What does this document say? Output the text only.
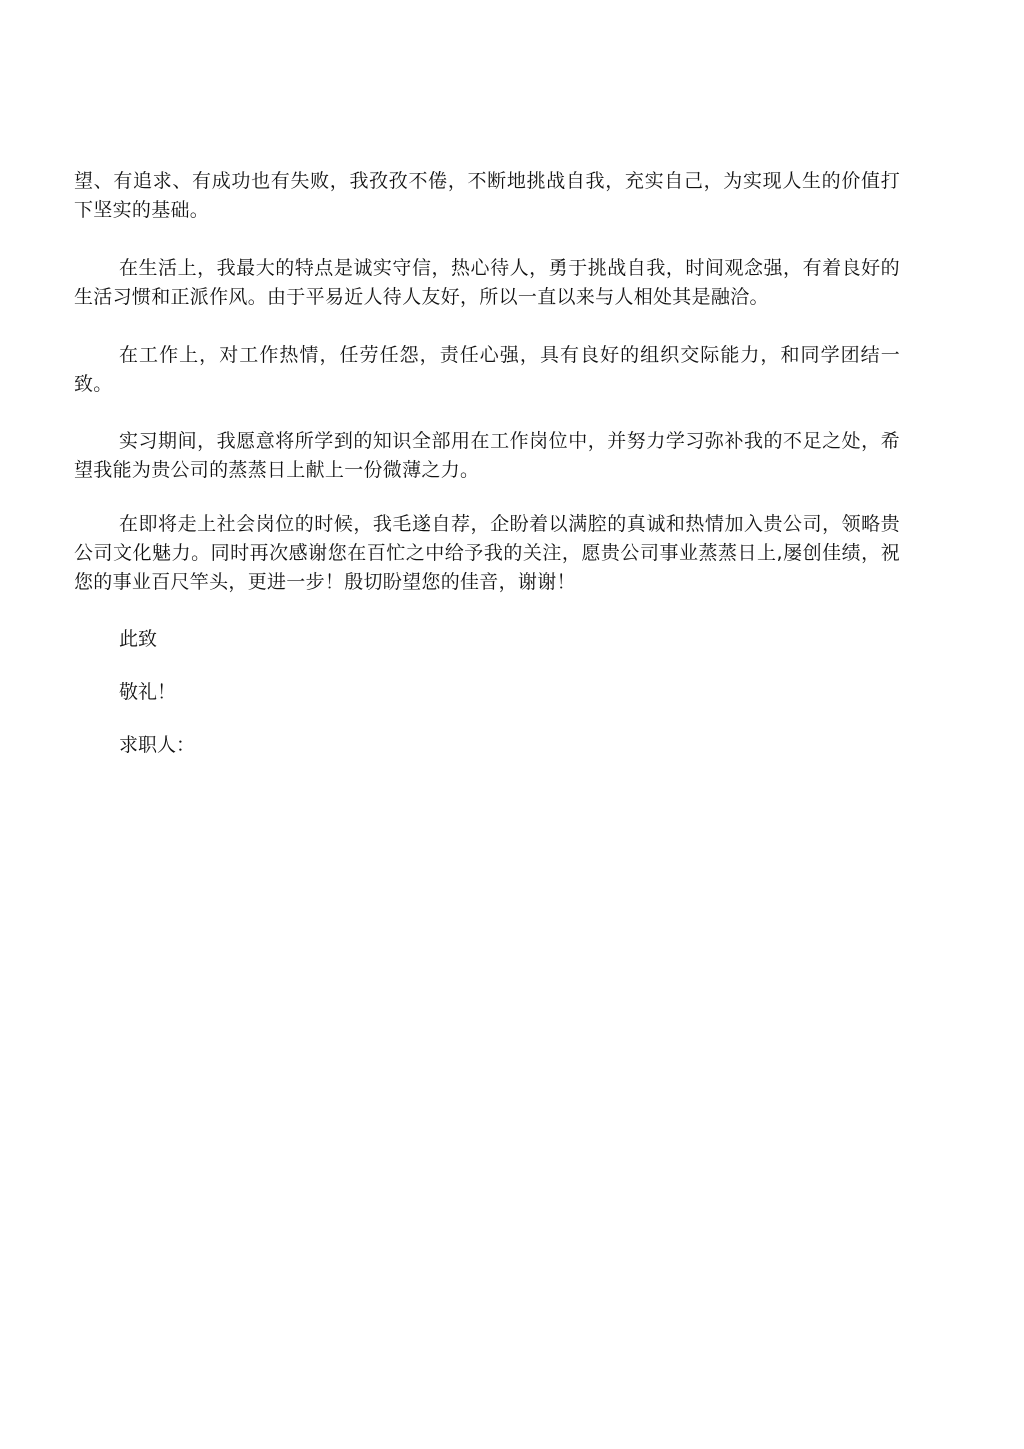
望、有追求、有成功也有失败，我孜孜不倦，不断地挑战自我，充实自己，为实现人生的价值打下坚实的基础。

在生活上，我最大的特点是诚实守信，热心待人，勇于挑战自我，时间观念强，有着良好的生活习惯和正派作风。由于平易近人待人友好，所以一直以来与人相处其是融洽。

在工作上，对工作热情，任劳任怨，责任心强，具有良好的组织交际能力，和同学团结一致。

实习期间，我愿意将所学到的知识全部用在工作岗位中，并努力学习弥补我的不足之处，希望我能为贵公司的蒸蒸日上献上一份微薄之力。

在即将走上社会岗位的时候，我毛遂自荐，企盼着以满腔的真诚和热情加入贵公司，领略贵公司文化魅力。同时再次感谢您在百忙之中给予我的关注，愿贵公司事业蒸蒸日上,屡创佳绩，祝您的事业百尺竿头，更进一步！殷切盼望您的佳音，谢谢！

此致

敬礼！

求职人：
